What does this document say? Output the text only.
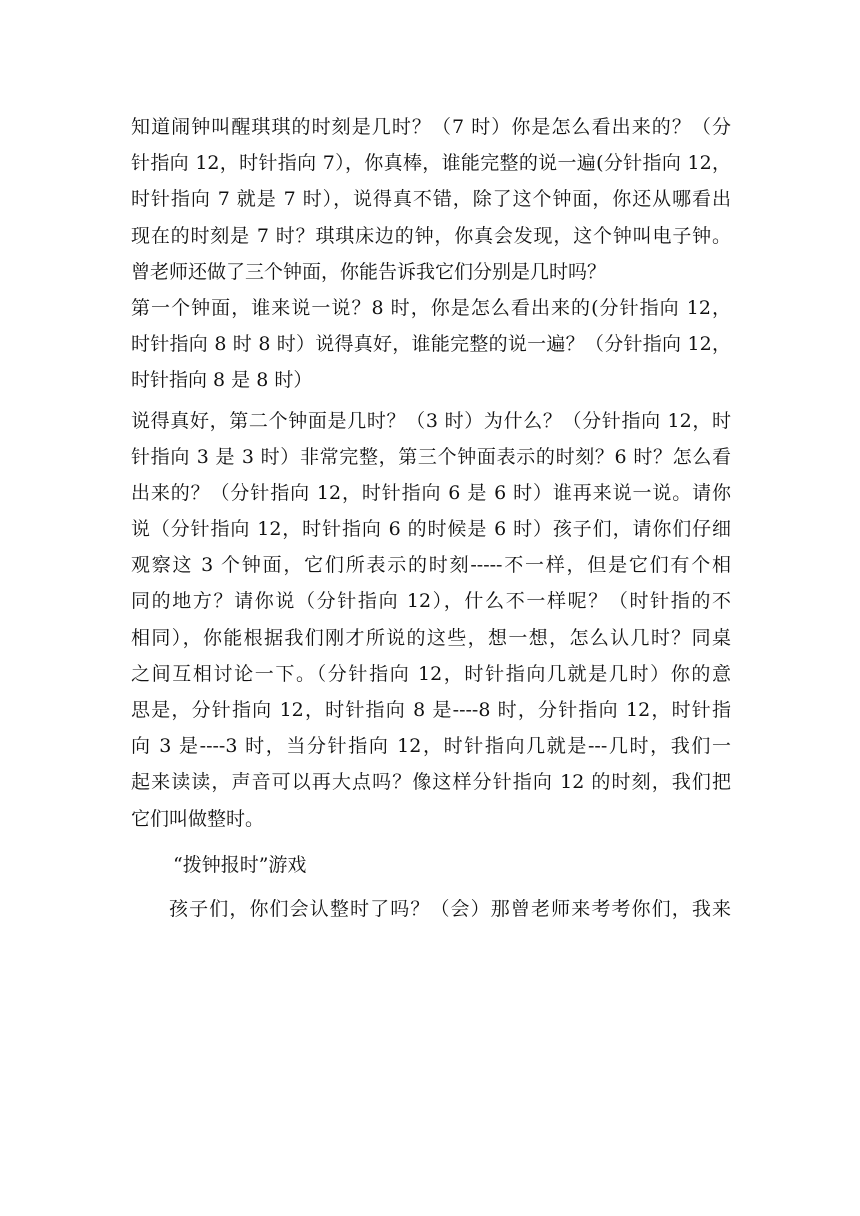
知道闹钟叫醒琪琪的时刻是几时？（7 时）你是怎么看出来的？（分
针指向 12，时针指向 7），你真棒，谁能完整的说一遍(分针指向 12，
时针指向 7 就是 7 时），说得真不错，除了这个钟面，你还从哪看出
现在的时刻是 7 时？琪琪床边的钟，你真会发现，这个钟叫电子钟。
曾老师还做了三个钟面，你能告诉我它们分别是几时吗？
第一个钟面，谁来说一说？8 时，你是怎么看出来的(分针指向 12，
时针指向 8 时 8 时）说得真好，谁能完整的说一遍？（分针指向 12，
时针指向 8 是 8 时）
说得真好，第二个钟面是几时？（3 时）为什么？（分针指向 12，时
针指向 3 是 3 时）非常完整，第三个钟面表示的时刻？6 时？怎么看
出来的？（分针指向 12，时针指向 6 是 6 时）谁再来说一说。请你
说（分针指向 12，时针指向 6 的时候是 6 时）孩子们，请你们仔细
观察这 3 个钟面，它们所表示的时刻-----不一样，但是它们有个相
同的地方？请你说（分针指向 12），什么不一样呢？（时针指的不
相同），你能根据我们刚才所说的这些，想一想，怎么认几时？同桌
之间互相讨论一下。（分针指向 12，时针指向几就是几时）你的意
思是，分针指向 12，时针指向 8 是----8 时，分针指向 12，时针指
向 3 是----3 时，当分针指向 12，时针指向几就是---几时，我们一
起来读读，声音可以再大点吗？像这样分针指向 12 的时刻，我们把
它们叫做整时。
“拨钟报时”游戏
孩子们，你们会认整时了吗？（会）那曾老师来考考你们，我来
